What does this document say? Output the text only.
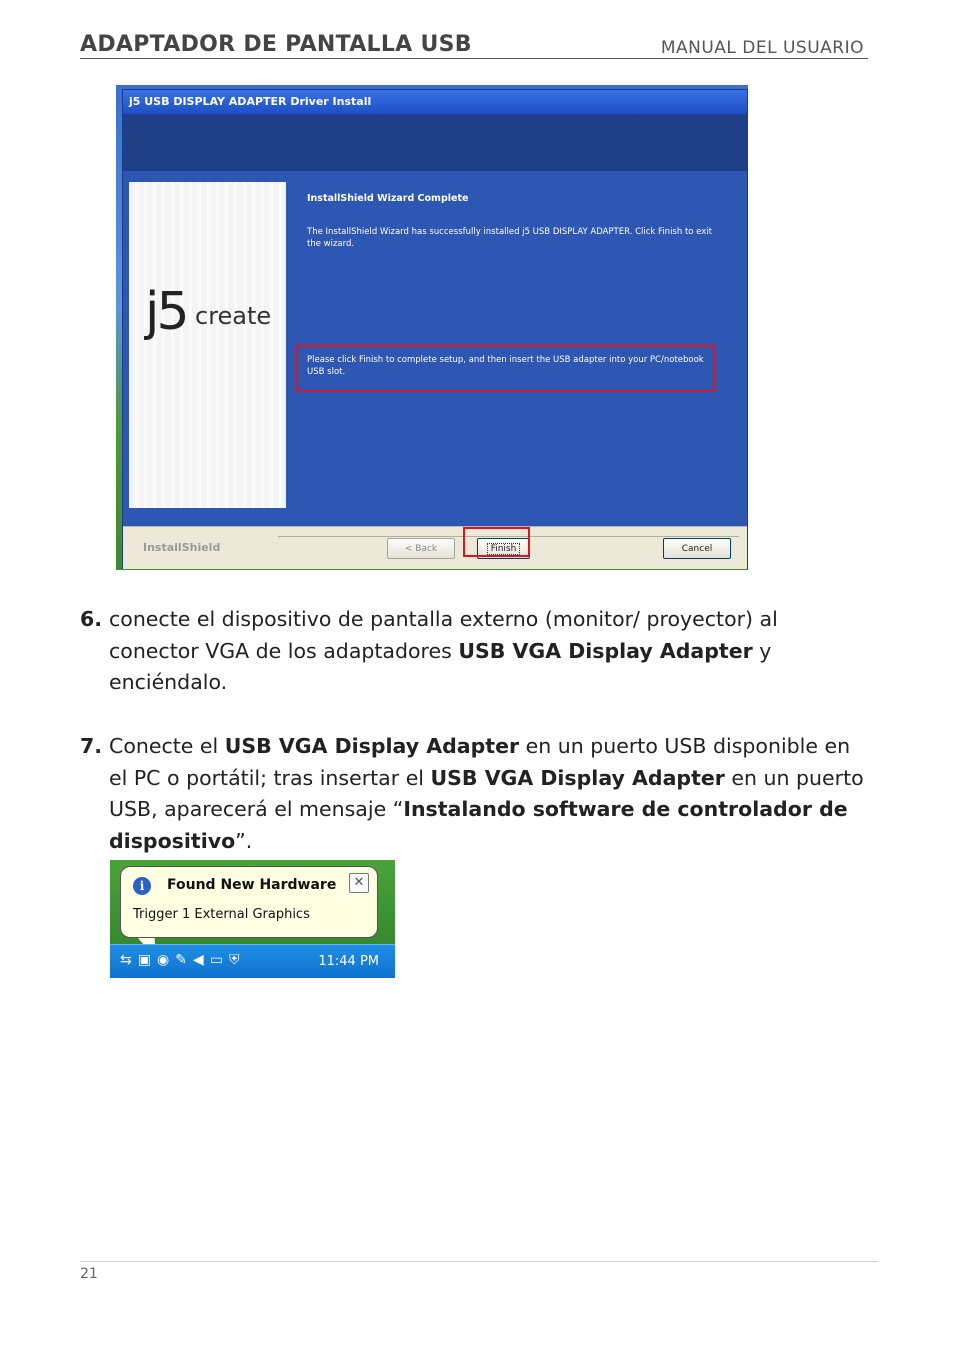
ADAPTADOR DE PANTALLA USB	MANUAL DEL USUARIO
j5 USB DISPLAY ADAPTER Driver Install
j5 create
InstallShield Wizard Complete
The InstallShield Wizard has successfully installed j5 USB DISPLAY ADAPTER. Click Finish to exit the wizard.
Please click Finish to complete setup, and then insert the USB adapter into your PC/notebook USB slot.
InstallShield	< Back	Finish	Cancel
6. conecte el dispositivo de pantalla externo (monitor/ proyector) al conector VGA de los adaptadores USB VGA Display Adapter y enciéndalo.
7. Conecte el USB VGA Display Adapter en un puerto USB disponible en el PC o portátil; tras insertar el USB VGA Display Adapter en un puerto USB, aparecerá el mensaje “Instalando software de controlador de dispositivo”.
i	Found New Hardware	✕
Trigger 1 External Graphics
⇆▣◉✎◀▭⛨	11:44 PM
21
